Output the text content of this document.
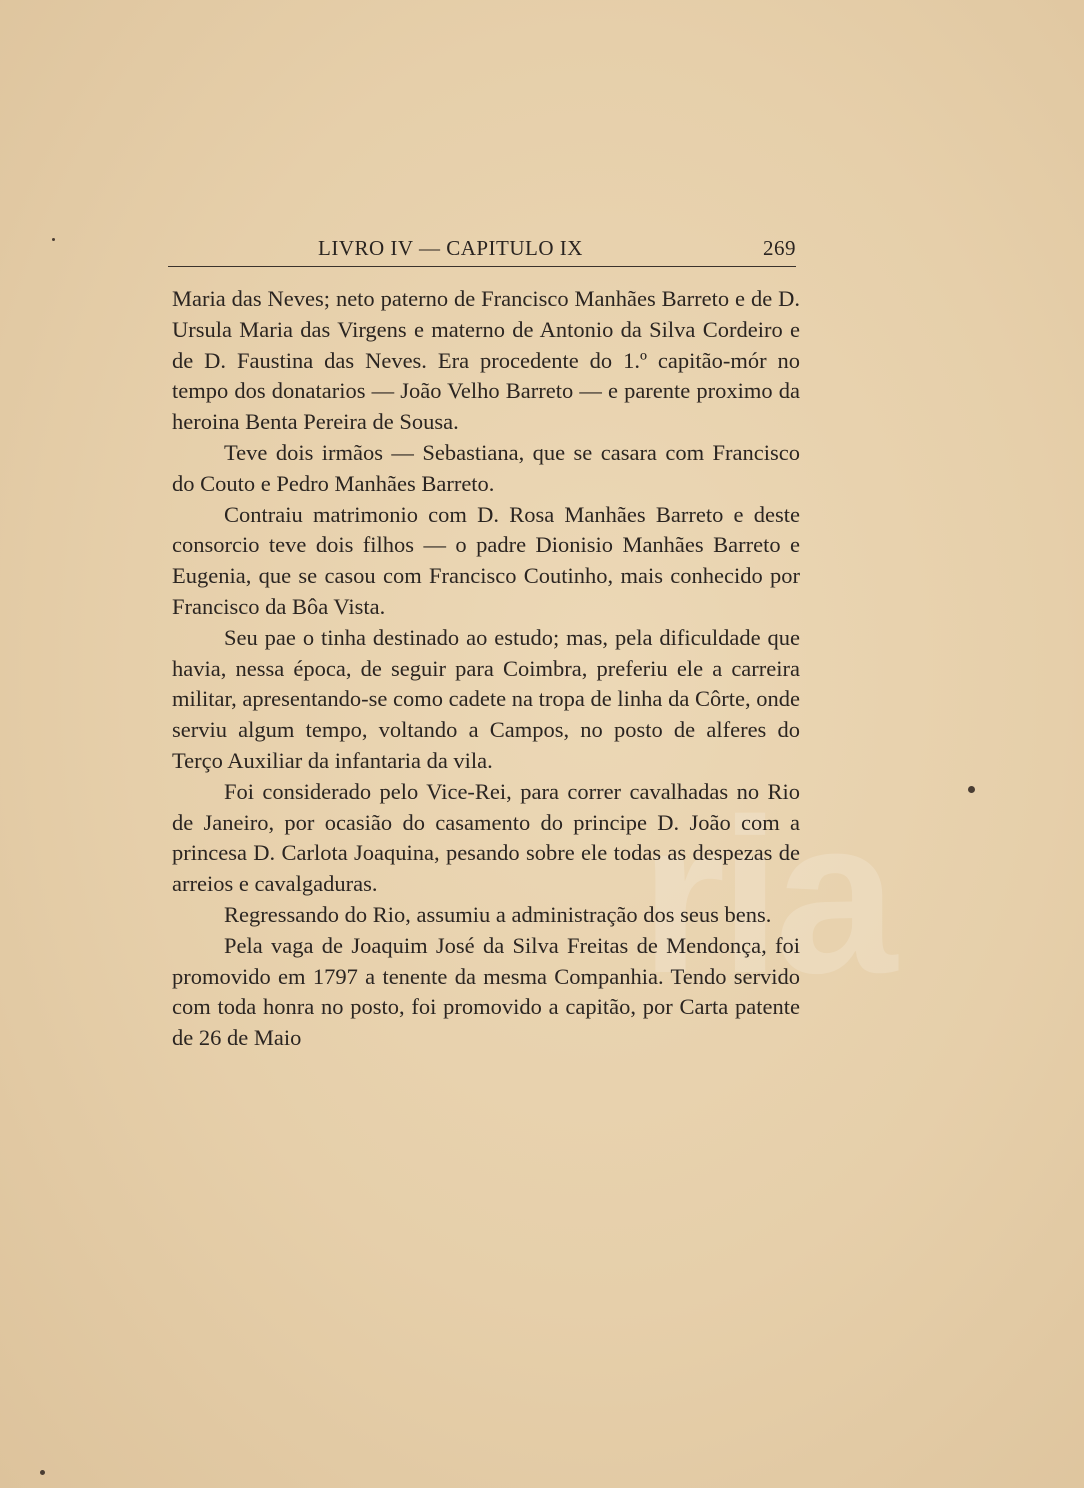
ria
LIVRO IV — CAPITULO IX	269

Maria das Neves; neto paterno de Francisco Manhães Barreto e de D. Ursula Maria das Virgens e materno de Antonio da Silva Cordeiro e de D. Faustina das Neves. Era procedente do 1.º capitão-mór no tempo dos donatarios — João Velho Barreto — e parente proximo da heroina Benta Pereira de Sousa.

Teve dois irmãos — Sebastiana, que se casara com Francisco do Couto e Pedro Manhães Barreto.

Contraiu matrimonio com D. Rosa Manhães Barreto e deste consorcio teve dois filhos — o padre Dionisio Manhães Barreto e Eugenia, que se casou com Francisco Coutinho, mais conhecido por Francisco da Bôa Vista.

Seu pae o tinha destinado ao estudo; mas, pela dificuldade que havia, nessa época, de seguir para Coimbra, preferiu ele a carreira militar, apresentando-se como cadete na tropa de linha da Côrte, onde serviu algum tempo, voltando a Campos, no posto de alferes do Terço Auxiliar da infantaria da vila.

Foi considerado pelo Vice-Rei, para correr cavalhadas no Rio de Janeiro, por ocasião do casamento do principe D. João com a princesa D. Carlota Joaquina, pesando sobre ele todas as despezas de arreios e cavalgaduras.

Regressando do Rio, assumiu a administração dos seus bens.

Pela vaga de Joaquim José da Silva Freitas de Mendonça, foi promovido em 1797 a tenente da mesma Companhia. Tendo servido com toda honra no posto, foi promovido a capitão, por Carta patente de 26 de Maio
